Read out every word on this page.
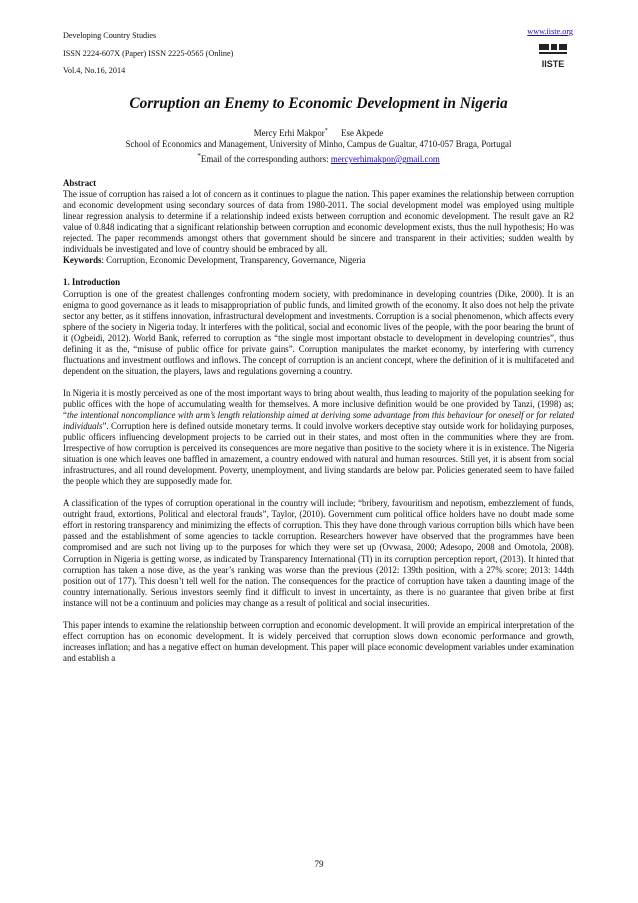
Developing Country Studies
ISSN 2224-607X (Paper) ISSN 2225-0565 (Online)
Vol.4, No.16, 2014
www.iiste.org
IISTE
Corruption an Enemy to Economic Development in Nigeria
Mercy Erhi Makpor* Ese Akpede
School of Economics and Management, University of Minho, Campus de Gualtar, 4710-057 Braga, Portugal
*Email of the corresponding authors: mercyerhimakpor@gmail.com
Abstract

The issue of corruption has raised a lot of concern as it continues to plague the nation. This paper examines the relationship between corruption and economic development using secondary sources of data from 1980-2011. The social development model was employed using multiple linear regression analysis to determine if a relationship indeed exists between corruption and economic development. The result gave an R2 value of 0.848 indicating that a significant relationship between corruption and economic development exists, thus the null hypothesis; Ho was rejected. The paper recommends amongst others that government should be sincere and transparent in their activities; sudden wealth by individuals be investigated and love of country should be embraced by all.

Keywords: Corruption, Economic Development, Transparency, Governance, Nigeria

1. Introduction

Corruption is one of the greatest challenges confronting modern society, with predominance in developing countries (Dike, 2000). It is an enigma to good governance as it leads to misappropriation of public funds, and limited growth of the economy. It also does not help the private sector any better, as it stiffens innovation, infrastructural development and investments. Corruption is a social phenomenon, which affects every sphere of the society in Nigeria today. It interferes with the political, social and economic lives of the people, with the poor bearing the brunt of it (Ogbeidi, 2012). World Bank, referred to corruption as “the single most important obstacle to development in developing countries”, thus defining it as the, “misuse of public office for private gains”. Corruption manipulates the market economy, by interfering with currency fluctuations and investment outflows and inflows. The concept of corruption is an ancient concept, where the definition of it is multifaceted and dependent on the situation, the players, laws and regulations governing a country.

In Nigeria it is mostly perceived as one of the most important ways to bring about wealth, thus leading to majority of the population seeking for public offices with the hope of accumulating wealth for themselves. A more inclusive definition would be one provided by Tanzi, (1998) as; “the intentional noncompliance with arm’s length relationship aimed at deriving some advantage from this behaviour for oneself or for related individuals”. Corruption here is defined outside monetary terms. It could involve workers deceptive stay outside work for holidaying purposes, public officers influencing development projects to be carried out in their states, and most often in the communities where they are from. Irrespective of how corruption is perceived its consequences are more negative than positive to the society where it is in existence. The Nigeria situation is one which leaves one baffled in amazement, a country endowed with natural and human resources. Still yet, it is absent from social infrastructures, and all round development. Poverty, unemployment, and living standards are below par. Policies generated seem to have failed the people which they are supposedly made for.

A classification of the types of corruption operational in the country will include; “bribery, favouritism and nepotism, embezzlement of funds, outright fraud, extortions, Political and electoral frauds”, Taylor, (2010). Government cum political office holders have no doubt made some effort in restoring transparency and minimizing the effects of corruption. This they have done through various corruption bills which have been passed and the establishment of some agencies to tackle corruption. Researchers however have observed that the programmes have been compromised and are such not living up to the purposes for which they were set up (Ovwasa, 2000; Adesopo, 2008 and Omotola, 2008). Corruption in Nigeria is getting worse, as indicated by Transparency International (TI) in its corruption perception report, (2013). It hinted that corruption has taken a nose dive, as the year’s ranking was worse than the previous (2012: 139th position, with a 27% score; 2013: 144th position out of 177). This doesn’t tell well for the nation. The consequences for the practice of corruption have taken a daunting image of the country internationally. Serious investors seemly find it difficult to invest in uncertainty, as there is no guarantee that given bribe at first instance will not be a continuum and policies may change as a result of political and social insecurities.

This paper intends to examine the relationship between corruption and economic development. It will provide an empirical interpretation of the effect corruption has on economic development. It is widely perceived that corruption slows down economic performance and growth, increases inflation; and has a negative effect on human development. This paper will place economic development variables under examination and establish a

79
